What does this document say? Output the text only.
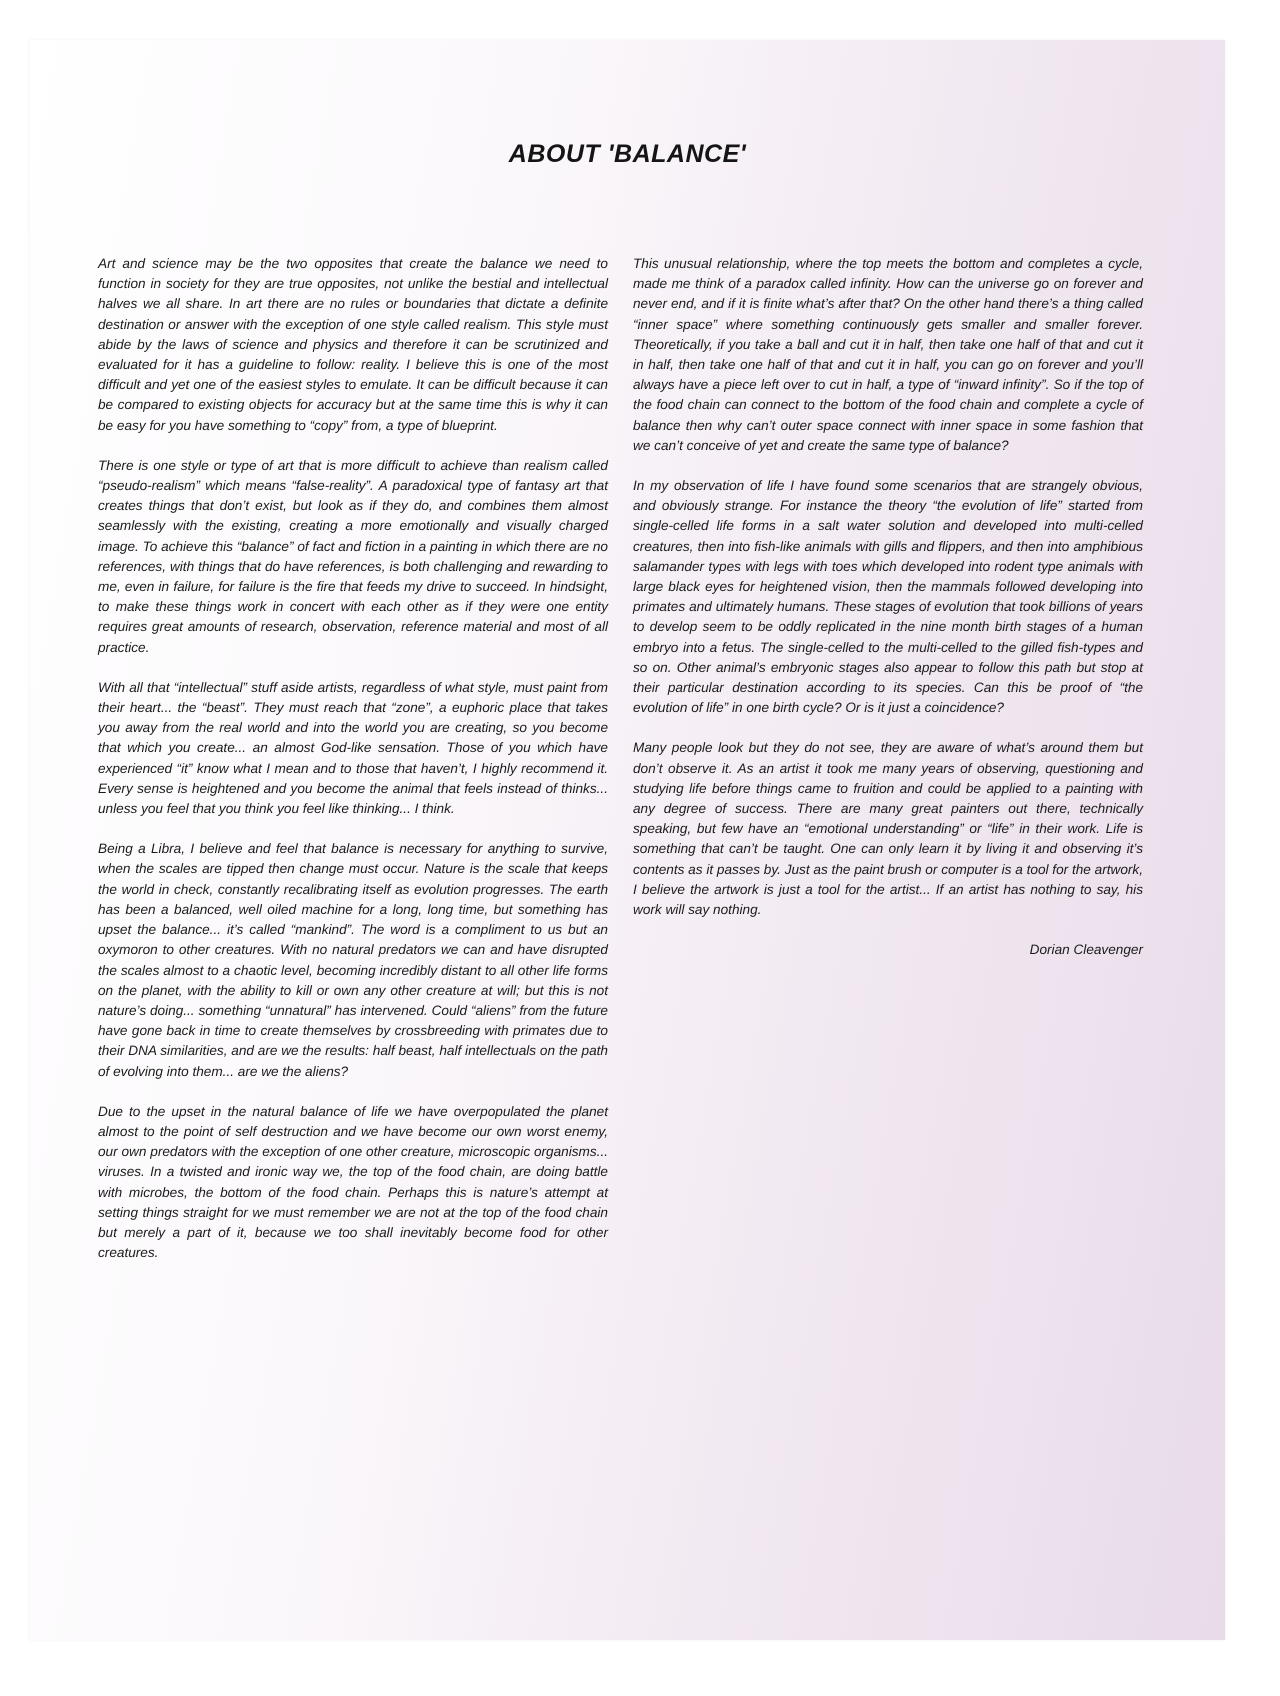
ABOUT 'BALANCE'

Art and science may be the two opposites that create the balance we need to function in society for they are true opposites, not unlike the bestial and intellectual halves we all share. In art there are no rules or boundaries that dictate a definite destination or answer with the exception of one style called realism. This style must abide by the laws of science and physics and therefore it can be scrutinized and evaluated for it has a guideline to follow: reality. I believe this is one of the most difficult and yet one of the easiest styles to emulate. It can be difficult because it can be compared to existing objects for accuracy but at the same time this is why it can be easy for you have something to “copy” from, a type of blueprint.

There is one style or type of art that is more difficult to achieve than realism called “pseudo-realism” which means “false-reality”. A paradoxical type of fantasy art that creates things that don’t exist, but look as if they do, and combines them almost seamlessly with the existing, creating a more emotionally and visually charged image. To achieve this “balance” of fact and fiction in a painting in which there are no references, with things that do have references, is both challenging and rewarding to me, even in failure, for failure is the fire that feeds my drive to succeed. In hindsight, to make these things work in concert with each other as if they were one entity requires great amounts of research, observation, reference material and most of all practice.

With all that “intellectual” stuff aside artists, regardless of what style, must paint from their heart... the “beast”. They must reach that “zone”, a euphoric place that takes you away from the real world and into the world you are creating, so you become that which you create... an almost God-like sensation. Those of you which have experienced “it” know what I mean and to those that haven’t, I highly recommend it. Every sense is heightened and you become the animal that feels instead of thinks... unless you feel that you think you feel like thinking... I think.

Being a Libra, I believe and feel that balance is necessary for anything to survive, when the scales are tipped then change must occur. Nature is the scale that keeps the world in check, constantly recalibrating itself as evolution progresses. The earth has been a balanced, well oiled machine for a long, long time, but something has upset the balance... it’s called “mankind”. The word is a compliment to us but an oxymoron to other creatures. With no natural predators we can and have disrupted the scales almost to a chaotic level, becoming incredibly distant to all other life forms on the planet, with the ability to kill or own any other creature at will; but this is not nature’s doing... something “unnatural” has intervened. Could “aliens” from the future have gone back in time to create themselves by crossbreeding with primates due to their DNA similarities, and are we the results: half beast, half intellectuals on the path of evolving into them... are we the aliens?

Due to the upset in the natural balance of life we have overpopulated the planet almost to the point of self destruction and we have become our own worst enemy, our own predators with the exception of one other creature, microscopic organisms... viruses. In a twisted and ironic way we, the top of the food chain, are doing battle with microbes, the bottom of the food chain. Perhaps this is nature’s attempt at setting things straight for we must remember we are not at the top of the food chain but merely a part of it, because we too shall inevitably become food for other creatures.

This unusual relationship, where the top meets the bottom and completes a cycle, made me think of a paradox called infinity. How can the universe go on forever and never end, and if it is finite what’s after that? On the other hand there’s a thing called “inner space” where something continuously gets smaller and smaller forever. Theoretically, if you take a ball and cut it in half, then take one half of that and cut it in half, then take one half of that and cut it in half, you can go on forever and you’ll always have a piece left over to cut in half, a type of “inward infinity”. So if the top of the food chain can connect to the bottom of the food chain and complete a cycle of balance then why can’t outer space connect with inner space in some fashion that we can’t conceive of yet and create the same type of balance?

In my observation of life I have found some scenarios that are strangely obvious, and obviously strange. For instance the theory “the evolution of life” started from single-celled life forms in a salt water solution and developed into multi-celled creatures, then into fish-like animals with gills and flippers, and then into amphibious salamander types with legs with toes which developed into rodent type animals with large black eyes for heightened vision, then the mammals followed developing into primates and ultimately humans. These stages of evolution that took billions of years to develop seem to be oddly replicated in the nine month birth stages of a human embryo into a fetus. The single-celled to the multi-celled to the gilled fish-types and so on. Other animal’s embryonic stages also appear to follow this path but stop at their particular destination according to its species. Can this be proof of “the evolution of life” in one birth cycle? Or is it just a coincidence?

Many people look but they do not see, they are aware of what’s around them but don’t observe it. As an artist it took me many years of observing, questioning and studying life before things came to fruition and could be applied to a painting with any degree of success. There are many great painters out there, technically speaking, but few have an “emotional understanding” or “life” in their work. Life is something that can’t be taught. One can only learn it by living it and observing it’s contents as it passes by. Just as the paint brush or computer is a tool for the artwork, I believe the artwork is just a tool for the artist... If an artist has nothing to say, his work will say nothing.

Dorian Cleavenger
